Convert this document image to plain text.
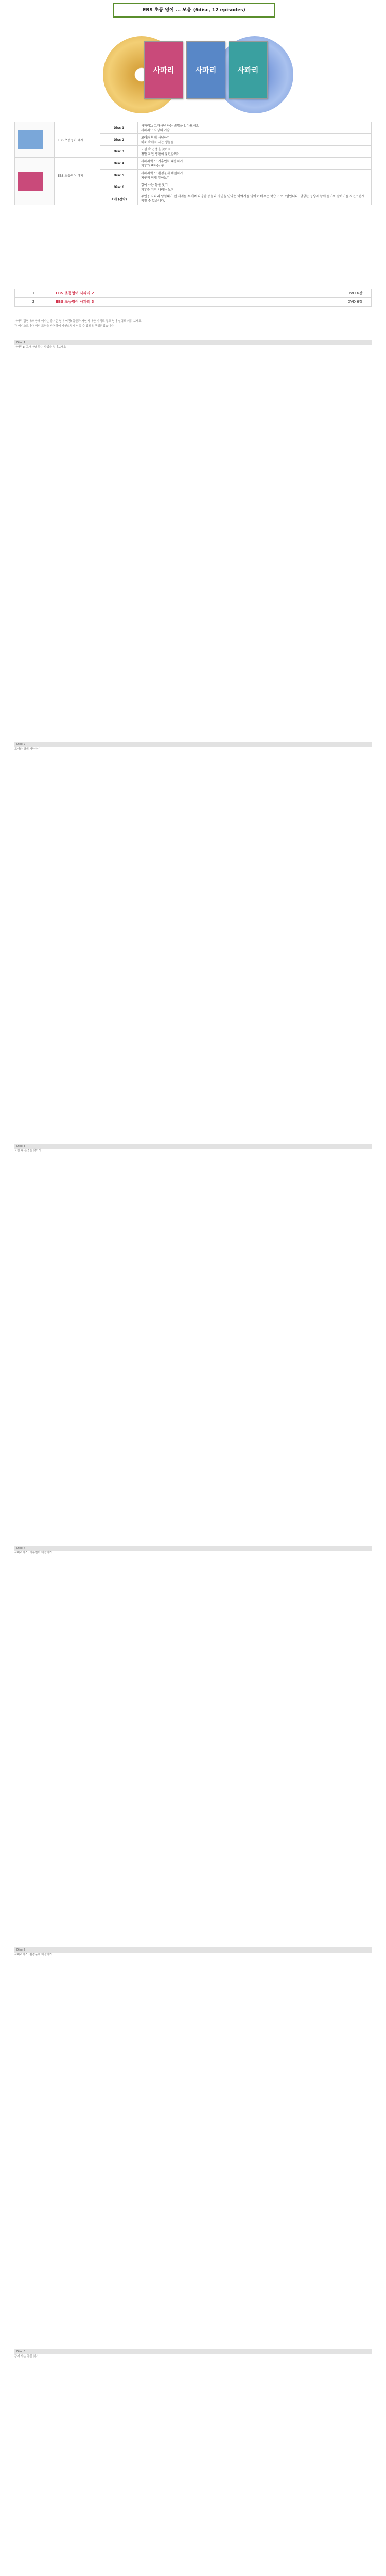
EBS 초등 영어 ... 모음 (6disc, 12 episodes)
사파리	사파리	사파리
	EBS 초등영어 예제	Disc 1	사파리1: 고래사냥 하는 방법을 알아보세요
사파리1: 사냥의 기술

		Disc 2	고래와 함께 사냥하기
해초 속에서 사는 생물들

		Disc 3	도심 속 곤충을 찾아서
정말 자연 생활이 불편할까?

	EBS 초등영어 예제	Disc 4	사파리엑스: 기후변화 대응하기
기후가 변하는 곳

		Disc 5	사파리엑스: 환경문제 해결하기
지구의 미래 알아보기

		Disc 6	강에 사는 동물 찾기
기후를 지켜 내려는 노력

		소개 (간략)	주인공 사파리 탐험대가 전 세계를 누비며 다양한 동물과 자연을 만나는 이야기를 영어로 배우는 학습 프로그램입니다. 생생한 영상과 함께 듣기와 말하기를 자연스럽게 익힐 수 있습니다.
1	EBS 초등영어 사파리 2	DVD 6장
2	EBS 초등영어 사파리 3	DVD 6장
사파리 탐험대와 함께 떠나는 즐거운 영어 여행! 동물과 자연에 대한 지식도 쌓고 영어 실력도 키워 보세요.
각 에피소드마다 핵심 표현을 반복하여 자연스럽게 익힐 수 있도록 구성되었습니다.
Disc 1
사파리1: 고래사냥 하는 방법을 알아보세요
Disc 2
고래와 함께 사냥하기
Disc 3
도심 속 곤충을 찾아서
Disc 4
사파리엑스: 기후변화 대응하기
Disc 5
사파리엑스: 환경문제 해결하기
Disc 6
강에 사는 동물 찾기
